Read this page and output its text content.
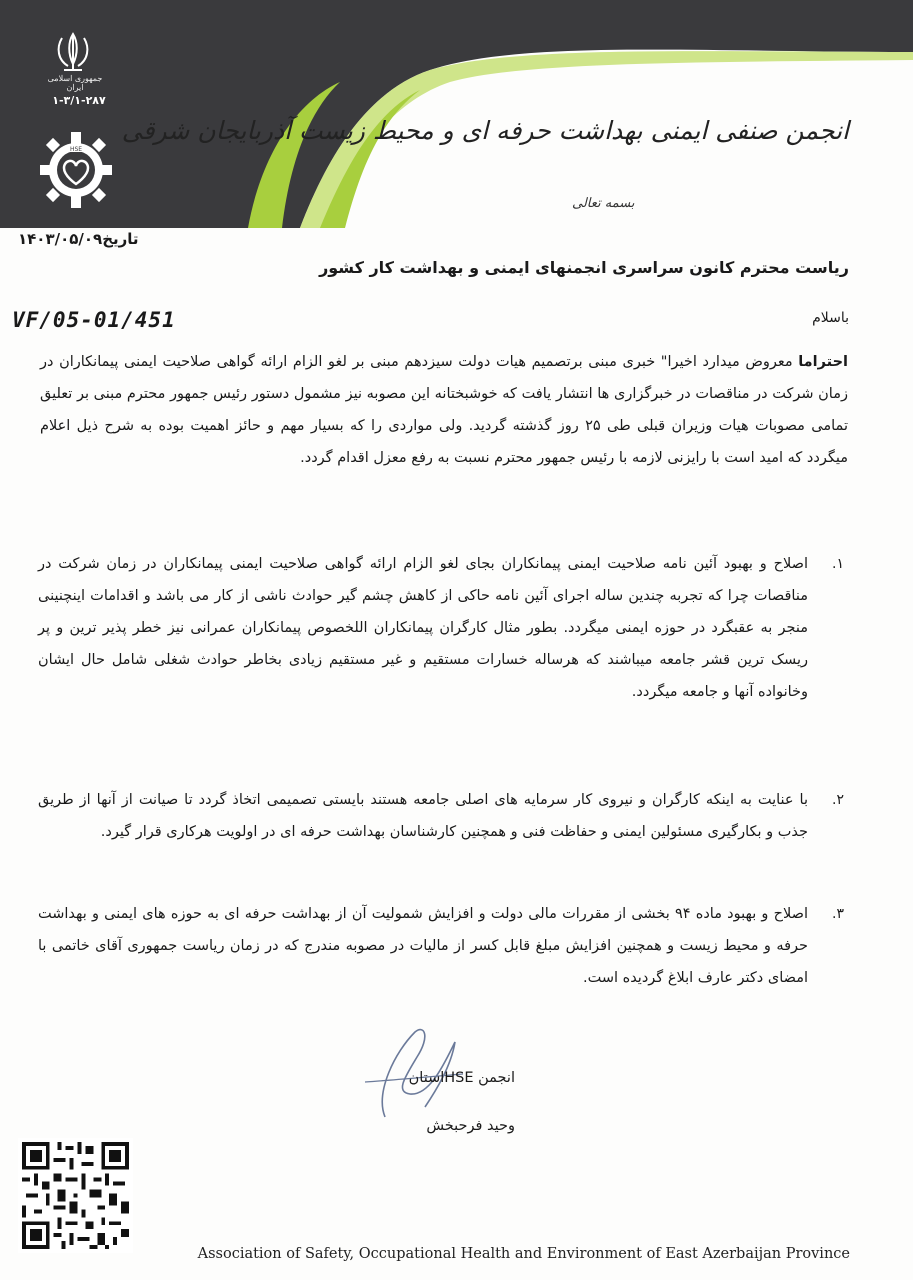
جمهوری اسلامی ایران
۱-۳/۱-۲۸۷
HSE
انجمن صنفی ایمنی بهداشت حرفه ای و محیط زیست آذربایجان شرقی
بسمه تعالی
تاریخ۱۴۰۳/۰۵/۰۹
ریاست محترم کانون سراسری انجمنهای ایمنی و بهداشت کار کشور
VF/05-01/451	باسلام
احتراما معروض میدارد اخیرا" خبری مبنی برتصمیم هیات دولت سیزدهم مبنی بر لغو الزام ارائه گواهی صلاحیت ایمنی پیمانکاران در زمان شرکت در مناقصات در خبرگزاری ها انتشار یافت که خوشبختانه این مصوبه نیز مشمول دستور رئیس جمهور محترم مبنی بر تعلیق تمامی مصوبات هیات وزیران قبلی طی ۲۵ روز گذشته گردید. ولی مواردی را که بسیار مهم و حائز اهمیت بوده به شرح ذیل اعلام میگردد که امید است با رایزنی لازمه با رئیس جمهور محترم نسبت به رفع معزل اقدام گردد.
۱.
اصلاح و بهبود آئین نامه صلاحیت ایمنی پیمانکاران بجای لغو الزام ارائه گواهی صلاحیت ایمنی پیمانکاران در زمان شرکت در مناقصات چرا که تجربه چندین ساله اجرای آئین نامه حاکی از کاهش چشم گیر حوادث ناشی از کار می باشد و اقدامات اینچنینی منجر به عقبگرد در حوزه ایمنی میگردد. بطور مثال کارگران پیمانکاران اللخصوص پیمانکاران عمرانی نیز خطر پذیر ترین و پر ریسک ترین قشر جامعه میباشند که هرساله خسارات مستقیم و غیر مستقیم زیادی بخاطر حوادث شغلی شامل حال ایشان وخانواده آنها و جامعه میگردد.
۲.
با عنایت به اینکه کارگران و نیروی کار سرمایه های اصلی جامعه هستند بایستی تصمیمی اتخاذ گردد تا صیانت از آنها از طریق جذب و بکارگیری مسئولین ایمنی و حفاظت فنی و همچنین کارشناسان بهداشت حرفه ای در اولویت هرکاری قرار گیرد.
۳.
اصلاح و بهبود ماده ۹۴ بخشی از مقررات مالی دولت و افزایش شمولیت آن از بهداشت حرفه ای به حوزه های ایمنی و بهداشت حرفه و محیط زیست و همچنین افزایش مبلغ قابل کسر از مالیات در مصوبه مندرج که در زمان ریاست جمهوری آقای خاتمی با امضای دکتر عارف ابلاغ گردیده است.
انجمن HSEاستان
وحید فرحبخش
Association of Safety, Occupational Health and Environment of East Azerbaijan Province
